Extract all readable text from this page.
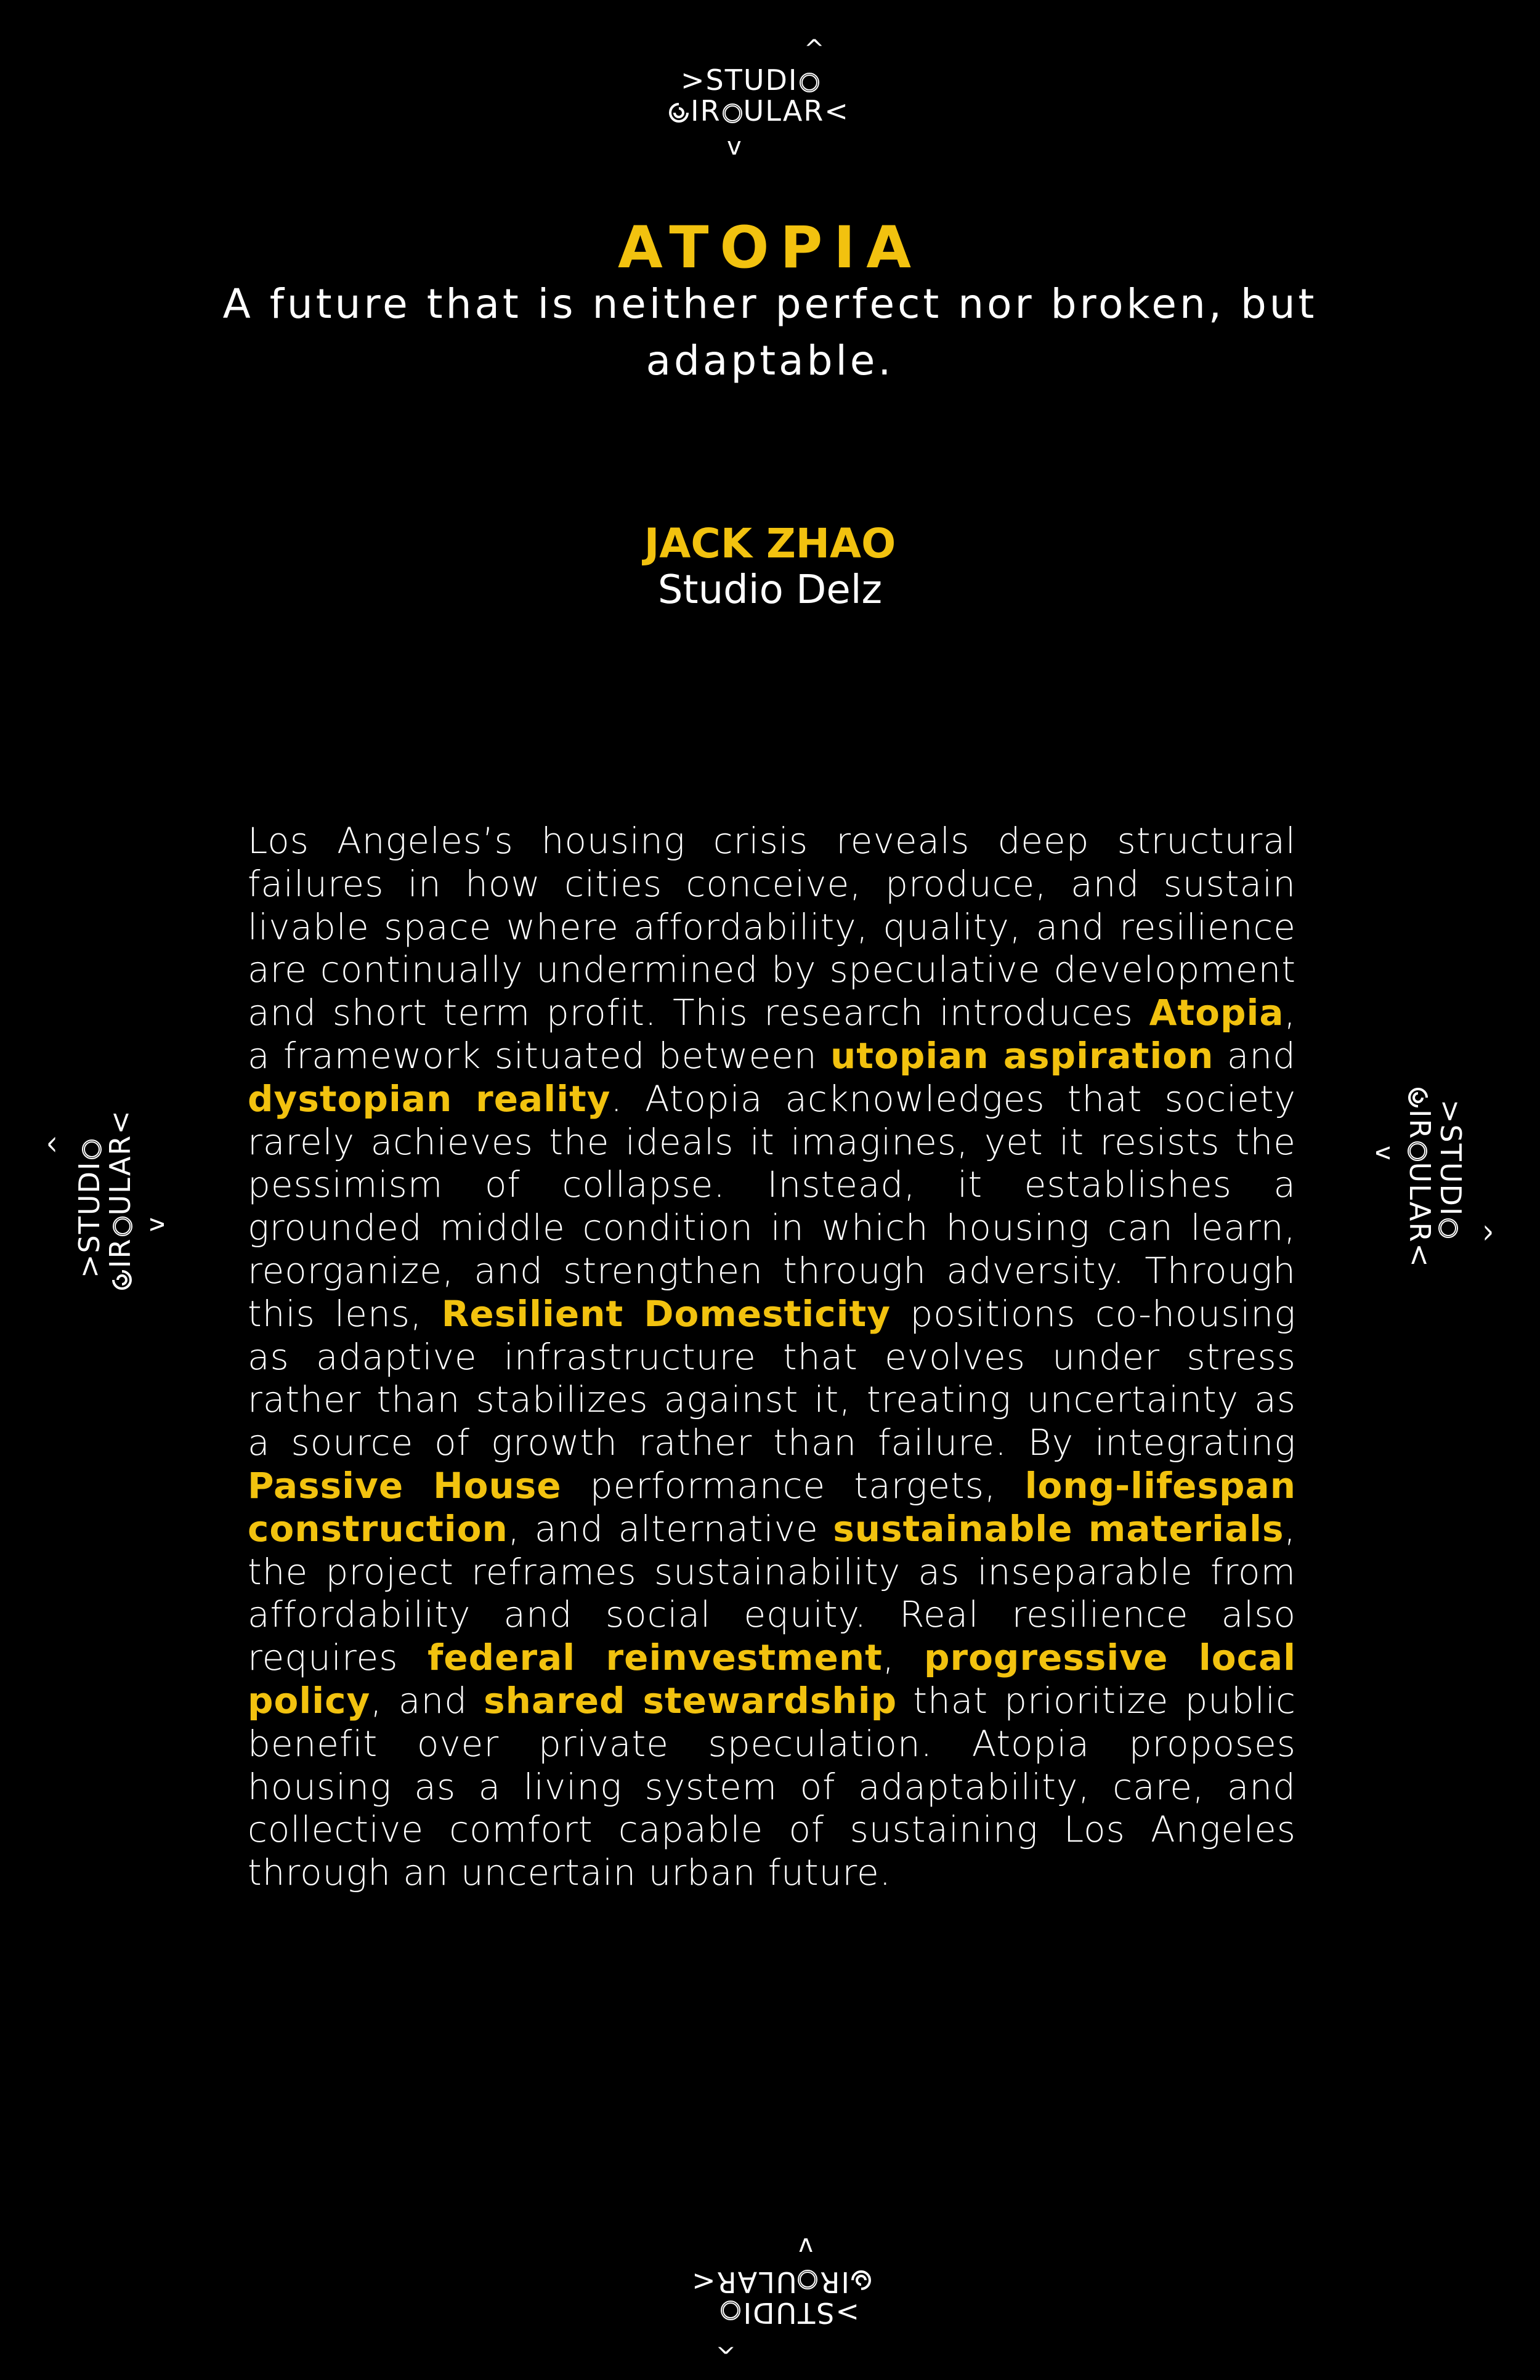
^
>STUDI
IR ULAR<
v
^
>STUDI
IRULAR<
v	^
>STUDI
IRULAR<
v
^
>STUDI
IRULAR<
v
ATOPIA
A future that is neither perfect nor broken, but adaptable.
JACK ZHAO
Studio Delz
Los Angeles’s housing crisis reveals deep structural failures in how cities conceive, produce, and sustain livable space where affordability, quality, and resilience are continually undermined by speculative development and short term profit. This research introduces Atopia, a framework situated between utopian aspiration and dystopian reality. Atopia acknowledges that society rarely achieves the ideals it imagines, yet it resists the pessimism of collapse. Instead, it establishes a grounded middle condition in which housing can learn, reorganize, and strengthen through adversity. Through this lens, Resilient Domesticity positions co-housing as adaptive infrastructure that evolves under stress rather than stabilizes against it, treating uncertainty as a source of growth rather than failure. By integrating Passive House performance targets, long-lifespan construction, and alternative sustainable materials, the project reframes sustainability as inseparable from affordability and social equity. Real resilience also requires federal reinvestment, progressive local policy, and shared stewardship that prioritize public benefit over private speculation. Atopia proposes housing as a living system of adaptability, care, and collective comfort capable of sustaining Los Angeles through an uncertain urban future.
